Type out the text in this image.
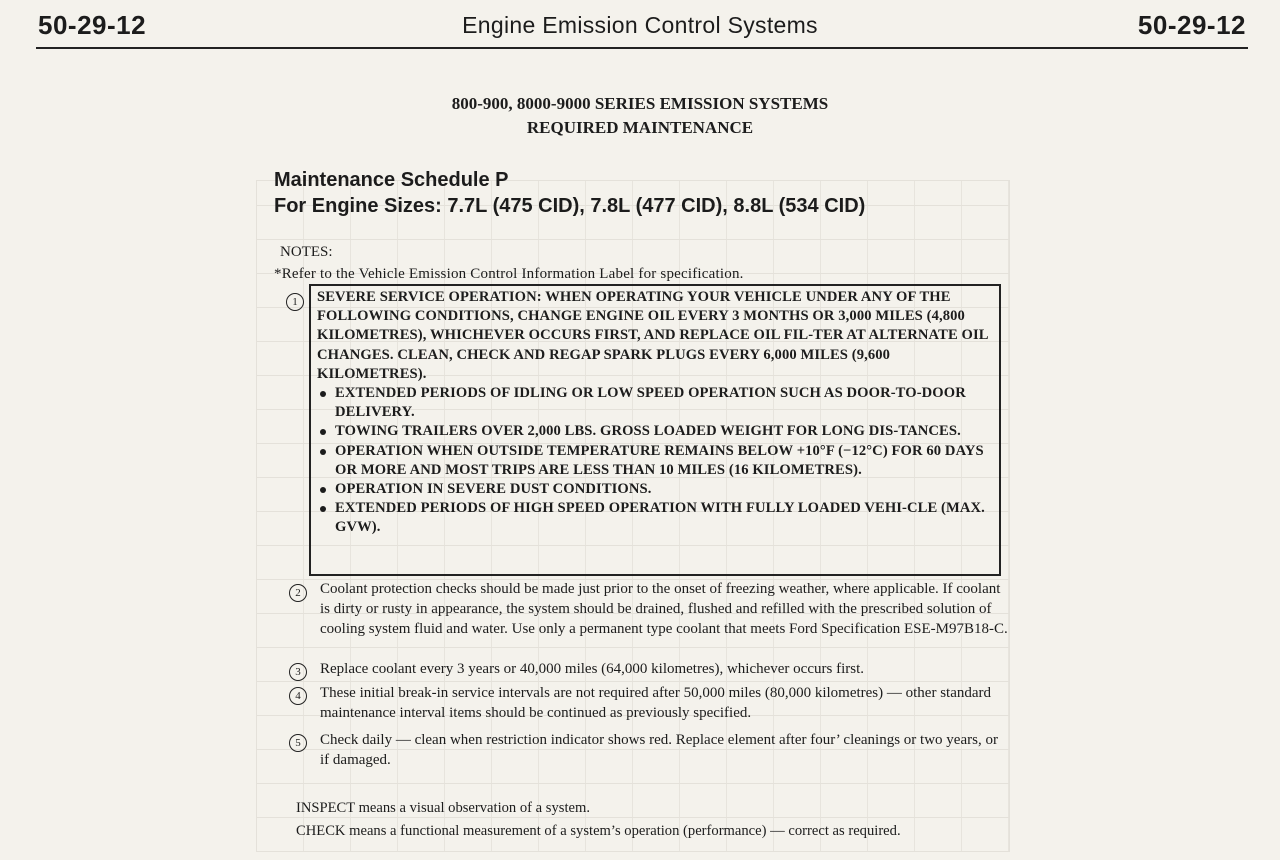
50-29-12	Engine Emission Control Systems	50-29-12
800-900, 8000-9000 SERIES EMISSION SYSTEMS
REQUIRED MAINTENANCE
Maintenance Schedule P
For Engine Sizes: 7.7L (475 CID), 7.8L (477 CID), 8.8L (534 CID)
NOTES:
*Refer to the Vehicle Emission Control Information Label for specification.
1	SEVERE SERVICE OPERATION: WHEN OPERATING YOUR VEHICLE UNDER ANY OF THE FOLLOWING CONDITIONS, CHANGE ENGINE OIL EVERY 3 MONTHS OR 3,000 MILES (4,800 KILOMETRES), WHICHEVER OCCURS FIRST, AND REPLACE OIL FIL-TER AT ALTERNATE OIL CHANGES. CLEAN, CHECK AND REGAP SPARK PLUGS EVERY 6,000 MILES (9,600 KILOMETRES).
EXTENDED PERIODS OF IDLING OR LOW SPEED OPERATION SUCH AS DOOR-TO-DOOR DELIVERY.
TOWING TRAILERS OVER 2,000 LBS. GROSS LOADED WEIGHT FOR LONG DIS-TANCES.
OPERATION WHEN OUTSIDE TEMPERATURE REMAINS BELOW +10°F (−12°C) FOR 60 DAYS OR MORE AND MOST TRIPS ARE LESS THAN 10 MILES (16 KILOMETRES).
OPERATION IN SEVERE DUST CONDITIONS.
EXTENDED PERIODS OF HIGH SPEED OPERATION WITH FULLY LOADED VEHI-CLE (MAX. GVW).
2	Coolant protection checks should be made just prior to the onset of freezing weather, where applicable. If coolant is dirty or rusty in appearance, the system should be drained, flushed and refilled with the prescribed solution of cooling system fluid and water. Use only a permanent type coolant that meets Ford Specification ESE-M97B18-C.
3	Replace coolant every 3 years or 40,000 miles (64,000 kilometres), whichever occurs first.
4	These initial break-in service intervals are not required after 50,000 miles (80,000 kilometres) — other standard maintenance interval items should be continued as previously specified.
5	Check daily — clean when restriction indicator shows red. Replace element after four’ cleanings or two years, or if damaged.
INSPECT means a visual observation of a system.
CHECK means a functional measurement of a system’s operation (performance) — correct as required.
